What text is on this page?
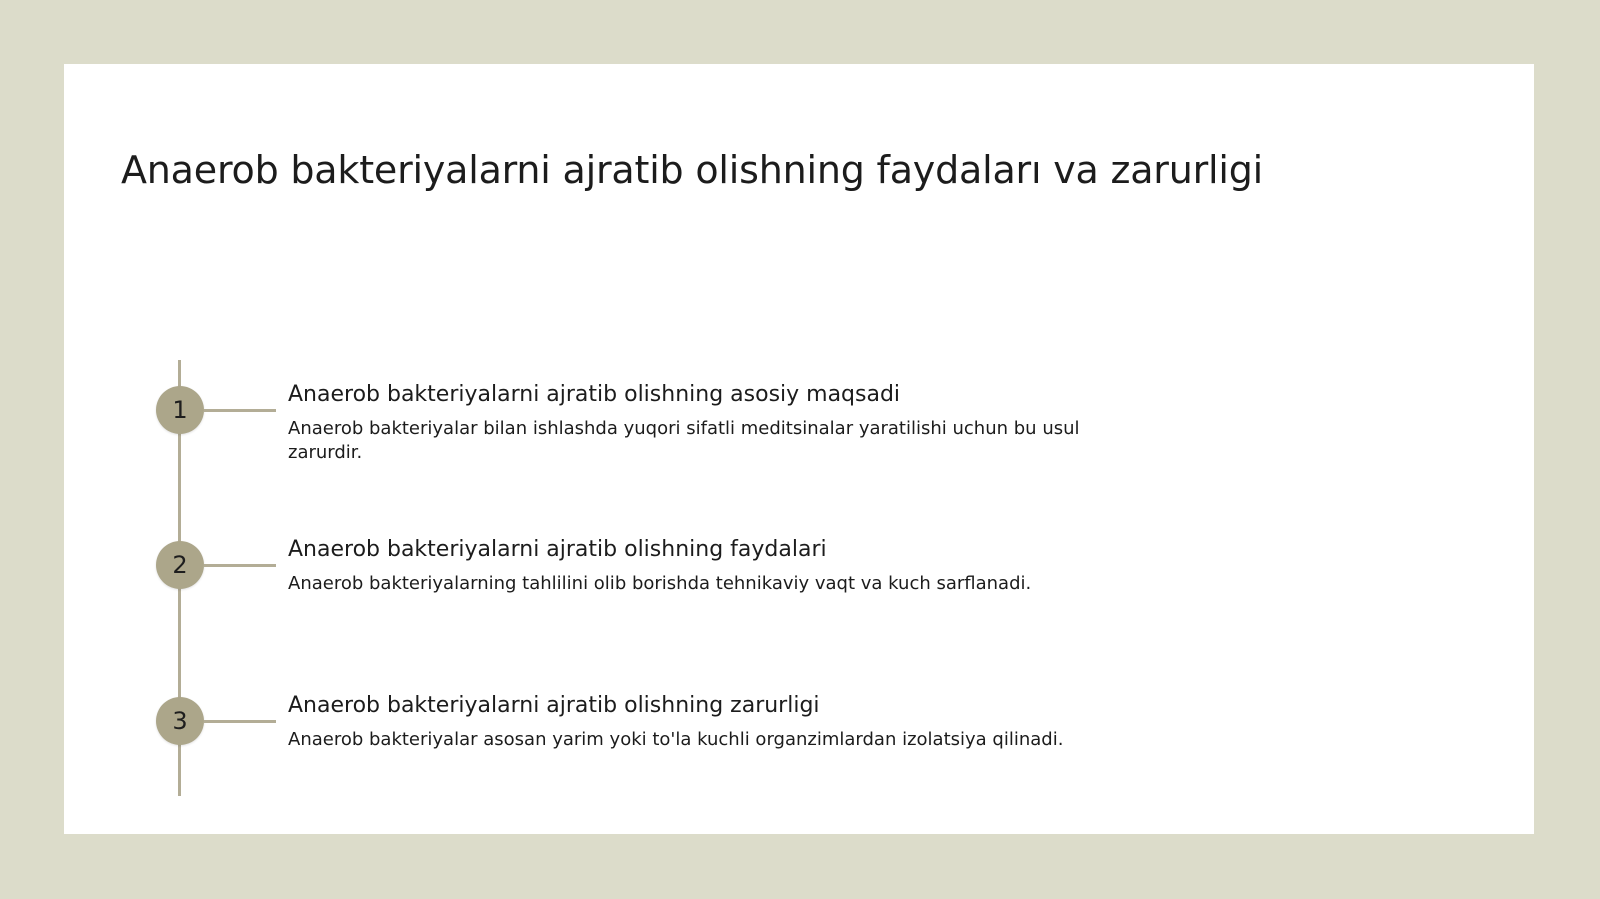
Anaerob bakteriyalarni ajratib olishning faydaları va zarurligi
1
Anaerob bakteriyalarni ajratib olishning asosiy maqsadi

Anaerob bakteriyalar bilan ishlashda yuqori sifatli meditsinalar yaratilishi uchun bu usul zarurdir.

2
Anaerob bakteriyalarni ajratib olishning faydalari

Anaerob bakteriyalarning tahlilini olib borishda tehnikaviy vaqt va kuch sarflanadi.

3
Anaerob bakteriyalarni ajratib olishning zarurligi

Anaerob bakteriyalar asosan yarim yoki to'la kuchli organzimlardan izolatsiya qilinadi.
